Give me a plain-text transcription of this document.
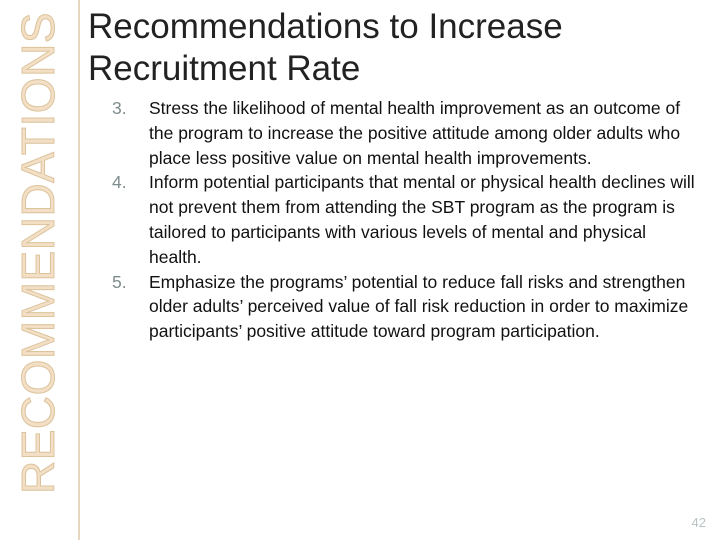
RECOMMENDATIONS Recommendations to Increase
Recruitment Rate
3. Stress the likelihood of mental health improvement as an outcome of the program to increase the positive attitude among older adults who place less positive value on mental health improvements.
4. Inform potential participants that mental or physical health declines will not prevent them from attending the SBT program as the program is tailored to participants with various levels of mental and physical health.
5. Emphasize the programs’ potential to reduce fall risks and strengthen older adults’ perceived value of fall risk reduction in order to maximize participants’ positive attitude toward program participation.
42
